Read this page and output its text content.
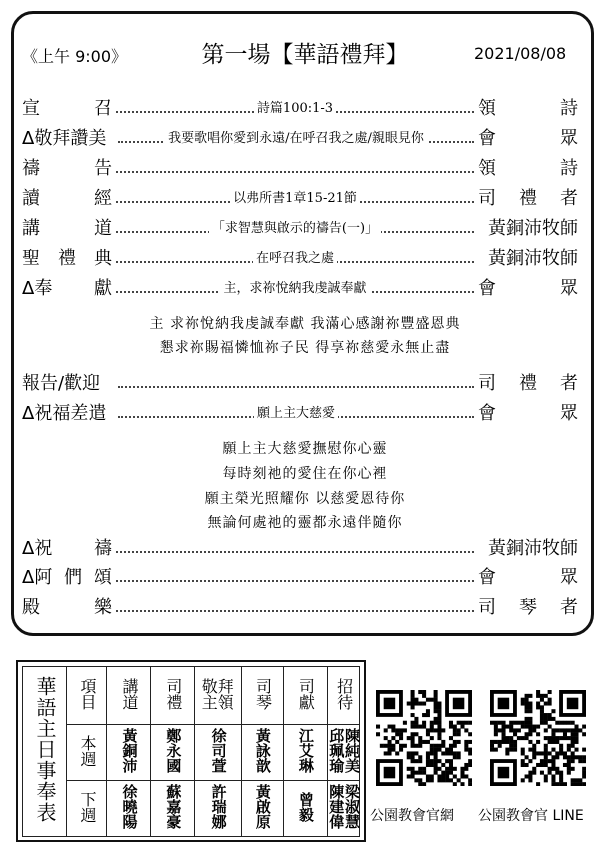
《上午 9:00》	第一場【華語禮拜】	2021/08/08
宣	召	詩篇100:1-3	領	詩
Δ敬拜讚美	我要歌唱你愛到永遠/在呼召我之處/親眼見你	會	眾
禱	告	領	詩
讀	經	以弗所書1章15-21節	司 禮 者
講	道	「求智慧與啟示的禱告(一)」	黃銅沛牧師
聖 禮 典	在呼召我之處	黃銅沛牧師
Δ奉 獻	主，求祢悅納我虔誠奉獻	會	眾
報告/歡迎	司 禮 者
Δ祝福差遣	願上主大慈愛	會	眾
Δ祝 禱	黃銅沛牧師
Δ阿 們 頌	會	眾
殿	樂	司 琴 者
主 求祢悅納我虔誠奉獻 我滿心感謝祢豐盛恩典
懇求祢賜福憐恤祢子民 得享祢慈愛永無止盡
願上主大慈愛撫慰你心靈
每時刻祂的愛住在你心裡
願主榮光照耀你 以慈愛恩待你
無論何處祂的靈都永遠伴隨你
華語主日事奉表	項目	講道	司禮	敬拜主領	司琴	司獻	招待	
	本週	黃銅沛	鄭永國	徐司萱	黃詠歆	江艾琳	邱珮瑜	陳純美
	下週	徐曉陽	蘇嘉豪	許瑞娜	黃啟原	曾毅	陳建偉	梁淑慧 公園教會官網 公園教會官 LINE
